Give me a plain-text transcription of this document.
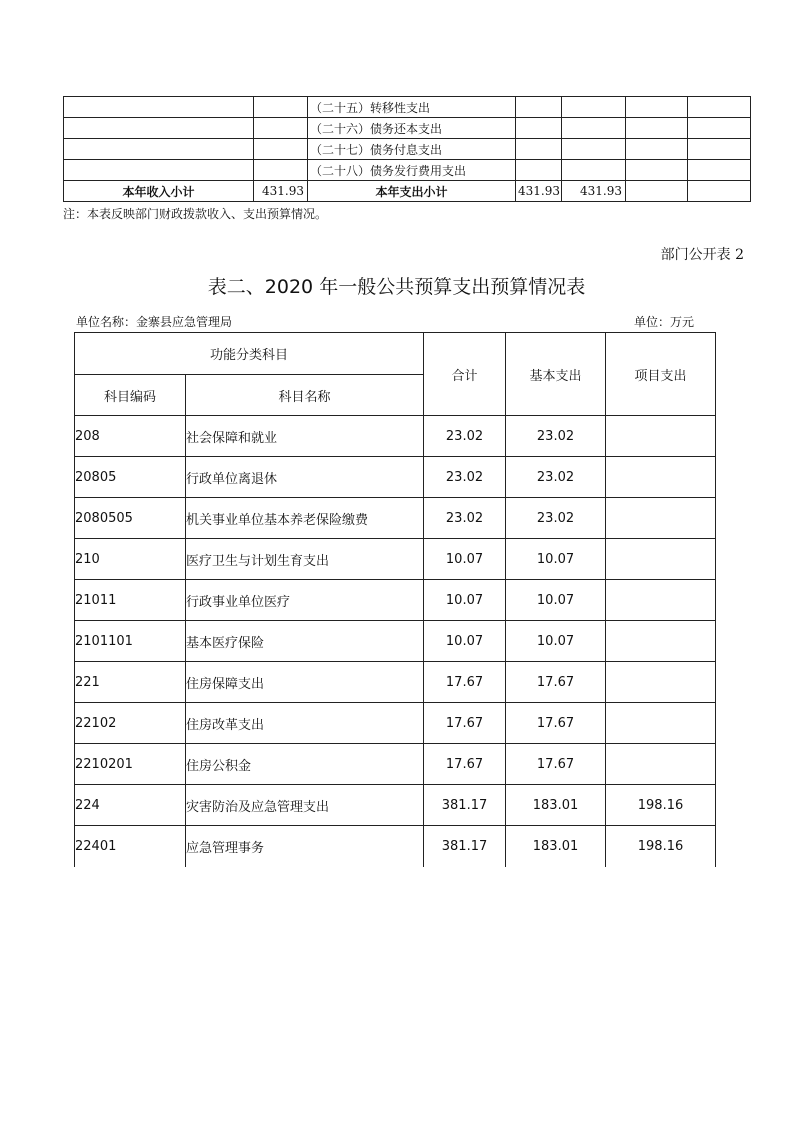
		（二十五）转移性支出				
		（二十六）债务还本支出				
		（二十七）债务付息支出				
		（二十八）债务发行费用支出				
本年收入小计	431.93	本年支出小计	431.93	431.93		
注：本表反映部门财政拨款收入、支出预算情况。
部门公开表 2
表二、2020 年一般公共预算支出预算情况表
单位名称：金寨县应急管理局	单位：万元
功能分类科目		合计	基本支出	项目支出
科目编码	科目名称			
208	社会保障和就业	23.02	23.02	
20805	行政单位离退休	23.02	23.02	
2080505	机关事业单位基本养老保险缴费	23.02	23.02	
210	医疗卫生与计划生育支出	10.07	10.07	
21011	行政事业单位医疗	10.07	10.07	
2101101	基本医疗保险	10.07	10.07	
221	住房保障支出	17.67	17.67	
22102	住房改革支出	17.67	17.67	
2210201	住房公积金	17.67	17.67	
224	灾害防治及应急管理支出	381.17	183.01	198.16
22401	应急管理事务	381.17	183.01	198.16
